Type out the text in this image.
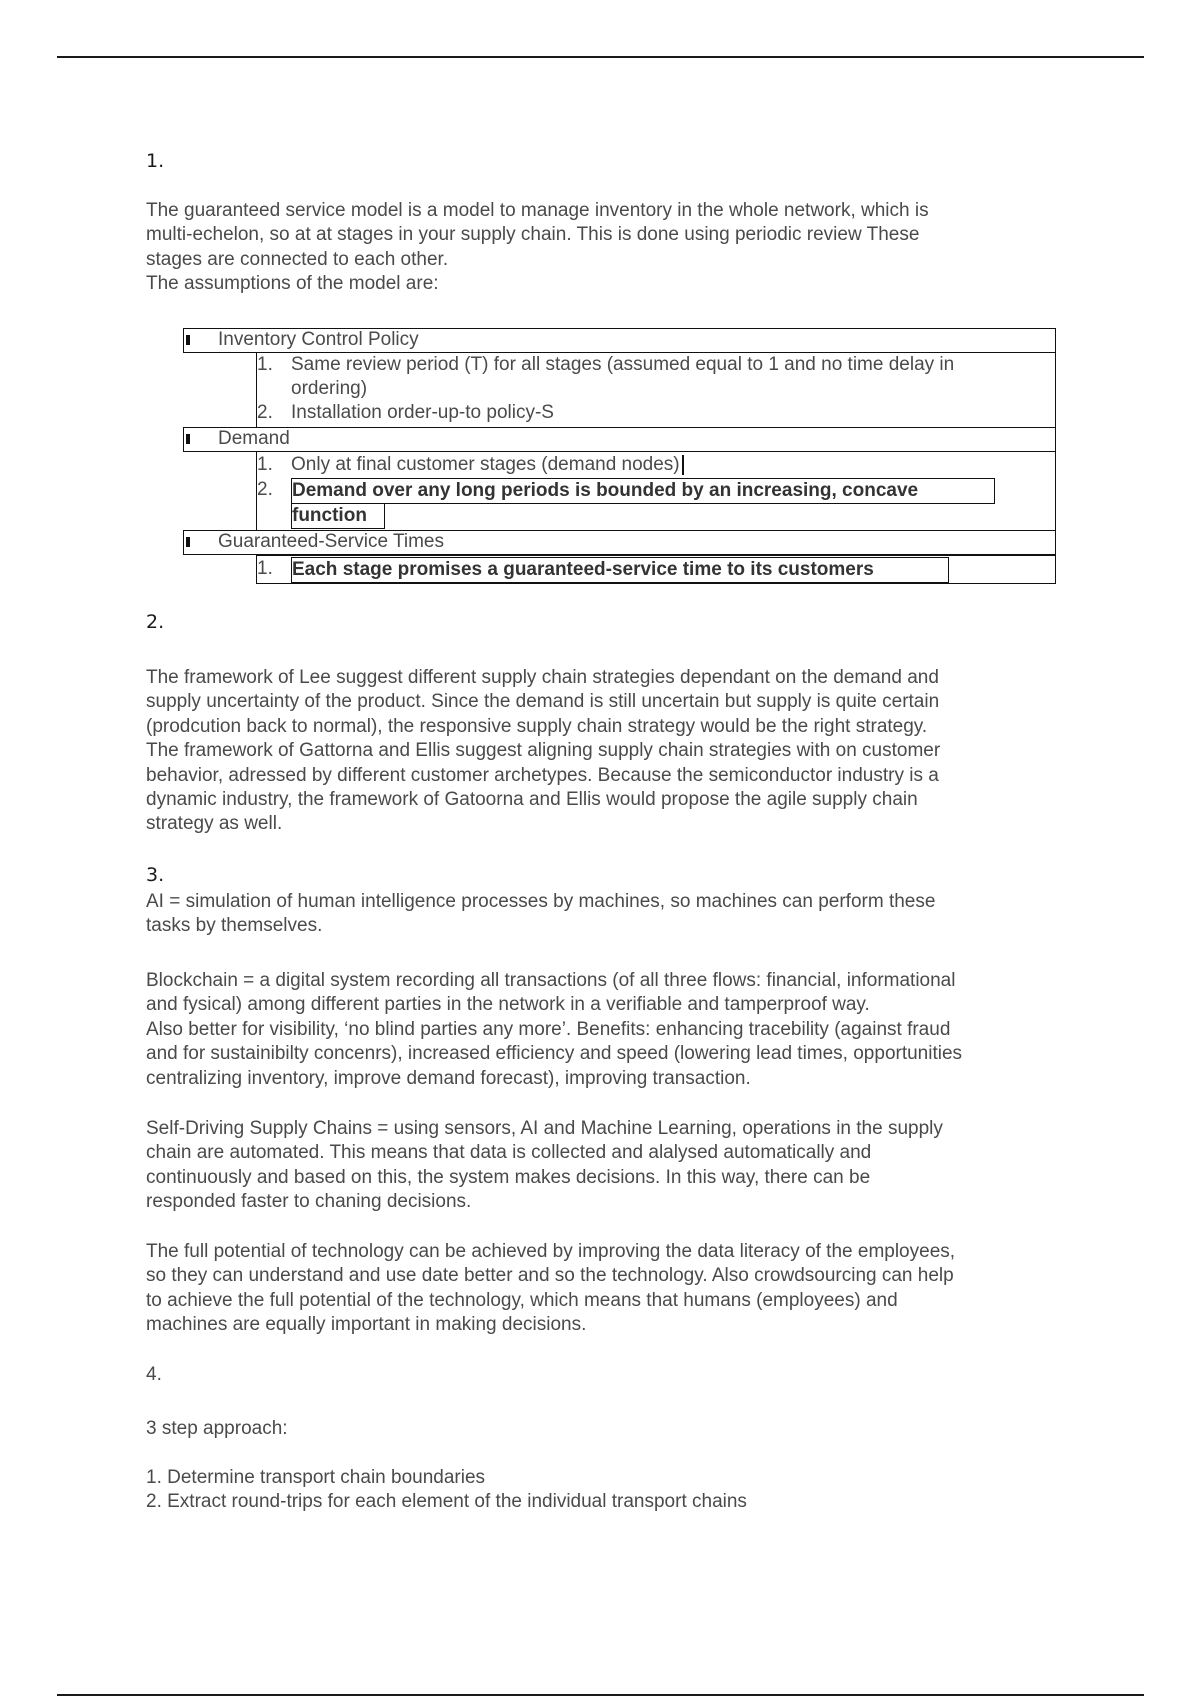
1.
The guaranteed service model is a model to manage inventory in the whole network, which is
multi-echelon, so at at stages in your supply chain. This is done using periodic review These
stages are connected to each other.
The assumptions of the model are:
Inventory Control Policy
1. Same review period (T) for all stages (assumed equal to 1 and no time delay in
ordering)
2. Installation order-up-to policy-S
Demand
1. Only at final customer stages (demand nodes)
2. Demand over any long periods is bounded by an increasing, concave
function
Guaranteed-Service Times
1. Each stage promises a guaranteed-service time to its customers
2.
The framework of Lee suggest different supply chain strategies dependant on the demand and
supply uncertainty of the product. Since the demand is still uncertain but supply is quite certain
(prodcution back to normal), the responsive supply chain strategy would be the right strategy.
The framework of Gattorna and Ellis suggest aligning supply chain strategies with on customer
behavior, adressed by different customer archetypes. Because the semiconductor industry is a
dynamic industry, the framework of Gatoorna and Ellis would propose the agile supply chain
strategy as well.
3.
AI = simulation of human intelligence processes by machines, so machines can perform these
tasks by themselves.
Blockchain = a digital system recording all transactions (of all three flows: financial, informational
and fysical) among different parties in the network in a verifiable and tamperproof way.
Also better for visibility, ‘no blind parties any more’. Benefits: enhancing tracebility (against fraud
and for sustainibilty concenrs), increased efficiency and speed (lowering lead times, opportunities
centralizing inventory, improve demand forecast), improving transaction.
Self-Driving Supply Chains = using sensors, AI and Machine Learning, operations in the supply
chain are automated. This means that data is collected and alalysed automatically and
continuously and based on this, the system makes decisions. In this way, there can be
responded faster to chaning decisions.
The full potential of technology can be achieved by improving the data literacy of the employees,
so they can understand and use date better and so the technology. Also crowdsourcing can help
to achieve the full potential of the technology, which means that humans (employees) and
machines are equally important in making decisions.
4.
3 step approach:
1. Determine transport chain boundaries
2. Extract round-trips for each element of the individual transport chains
